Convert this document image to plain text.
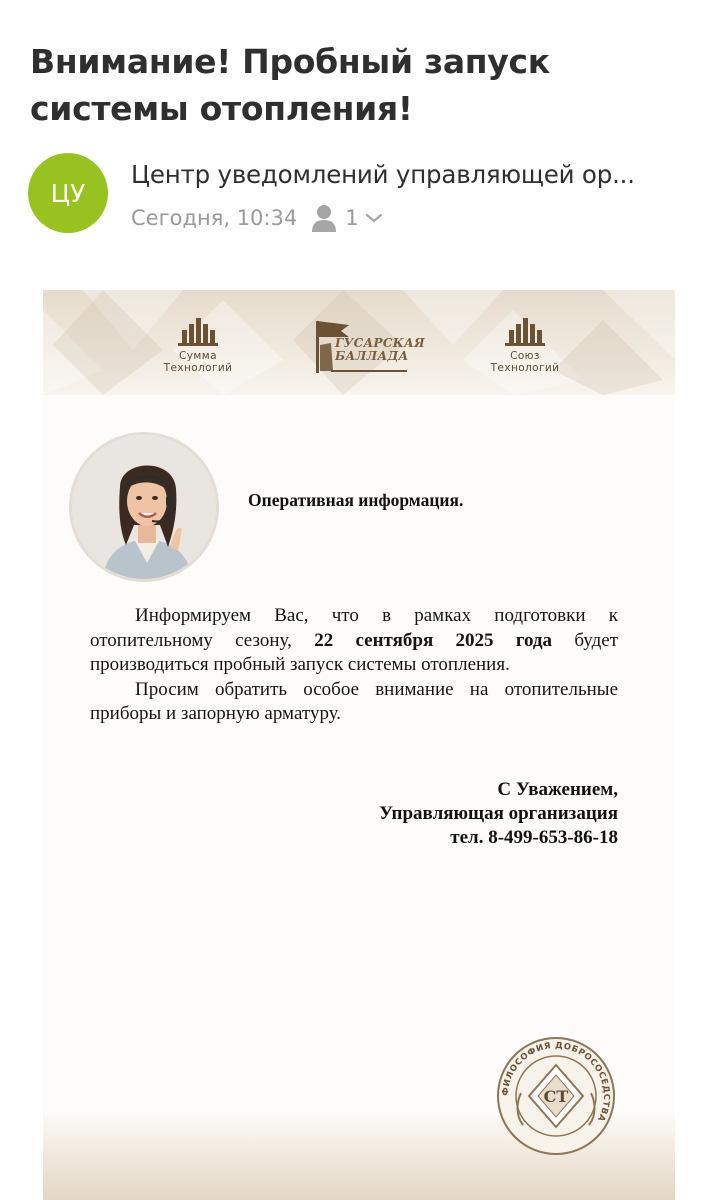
Внимание! Пробный запуск системы отопления!
ЦУ
Центр уведомлений управляющей ор...
Сегодня, 10:34 1
Сумма
Технологий
ГУСАРСКАЯ
БАЛЛАДА	Союз
Технологий
Оперативная информация.

Информируем Вас, что в рамках подготовки к отопительному сезону, 22 сентября 2025 года будет производиться пробный запуск системы отопления.

Просим обратить особое внимание на отопительные приборы и запорную арматуру.

С Уважением,
Управляющая организация
тел. 8-499-653-86-18
ФИЛОСОФИЯ ДОБРОСОСЕДСТВА
СТ
